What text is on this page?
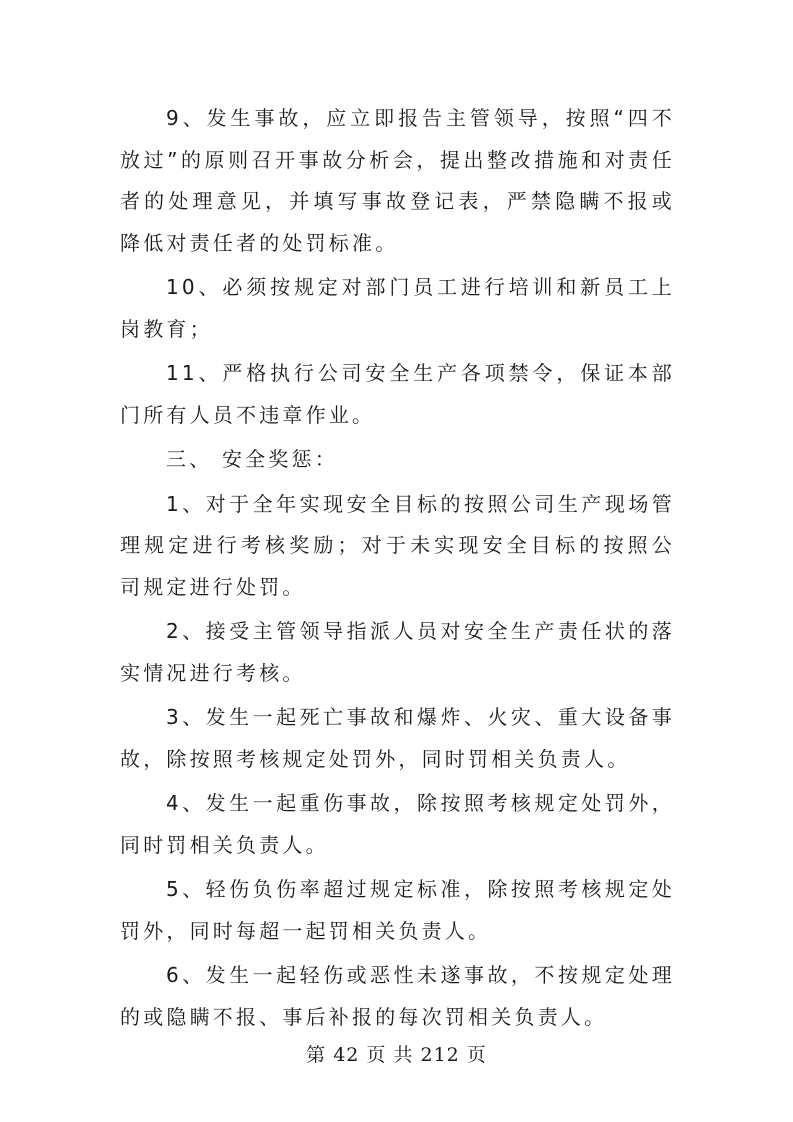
9、发生事故，应立即报告主管领导，按照“四不放过”的原则召开事故分析会，提出整改措施和对责任者的处理意见，并填写事故登记表，严禁隐瞒不报或降低对责任者的处罚标准。

10、必须按规定对部门员工进行培训和新员工上岗教育；

11、严格执行公司安全生产各项禁令，保证本部门所有人员不违章作业。

三、 安全奖惩：

1、对于全年实现安全目标的按照公司生产现场管理规定进行考核奖励；对于未实现安全目标的按照公司规定进行处罚。

2、接受主管领导指派人员对安全生产责任状的落实情况进行考核。

3、发生一起死亡事故和爆炸、火灾、重大设备事故，除按照考核规定处罚外，同时罚相关负责人。

4、发生一起重伤事故，除按照考核规定处罚外，同时罚相关负责人。

5、轻伤负伤率超过规定标准，除按照考核规定处罚外，同时每超一起罚相关负责人。

6、发生一起轻伤或恶性未遂事故，不按规定处理的或隐瞒不报、事后补报的每次罚相关负责人。

第 42 页 共 212 页
